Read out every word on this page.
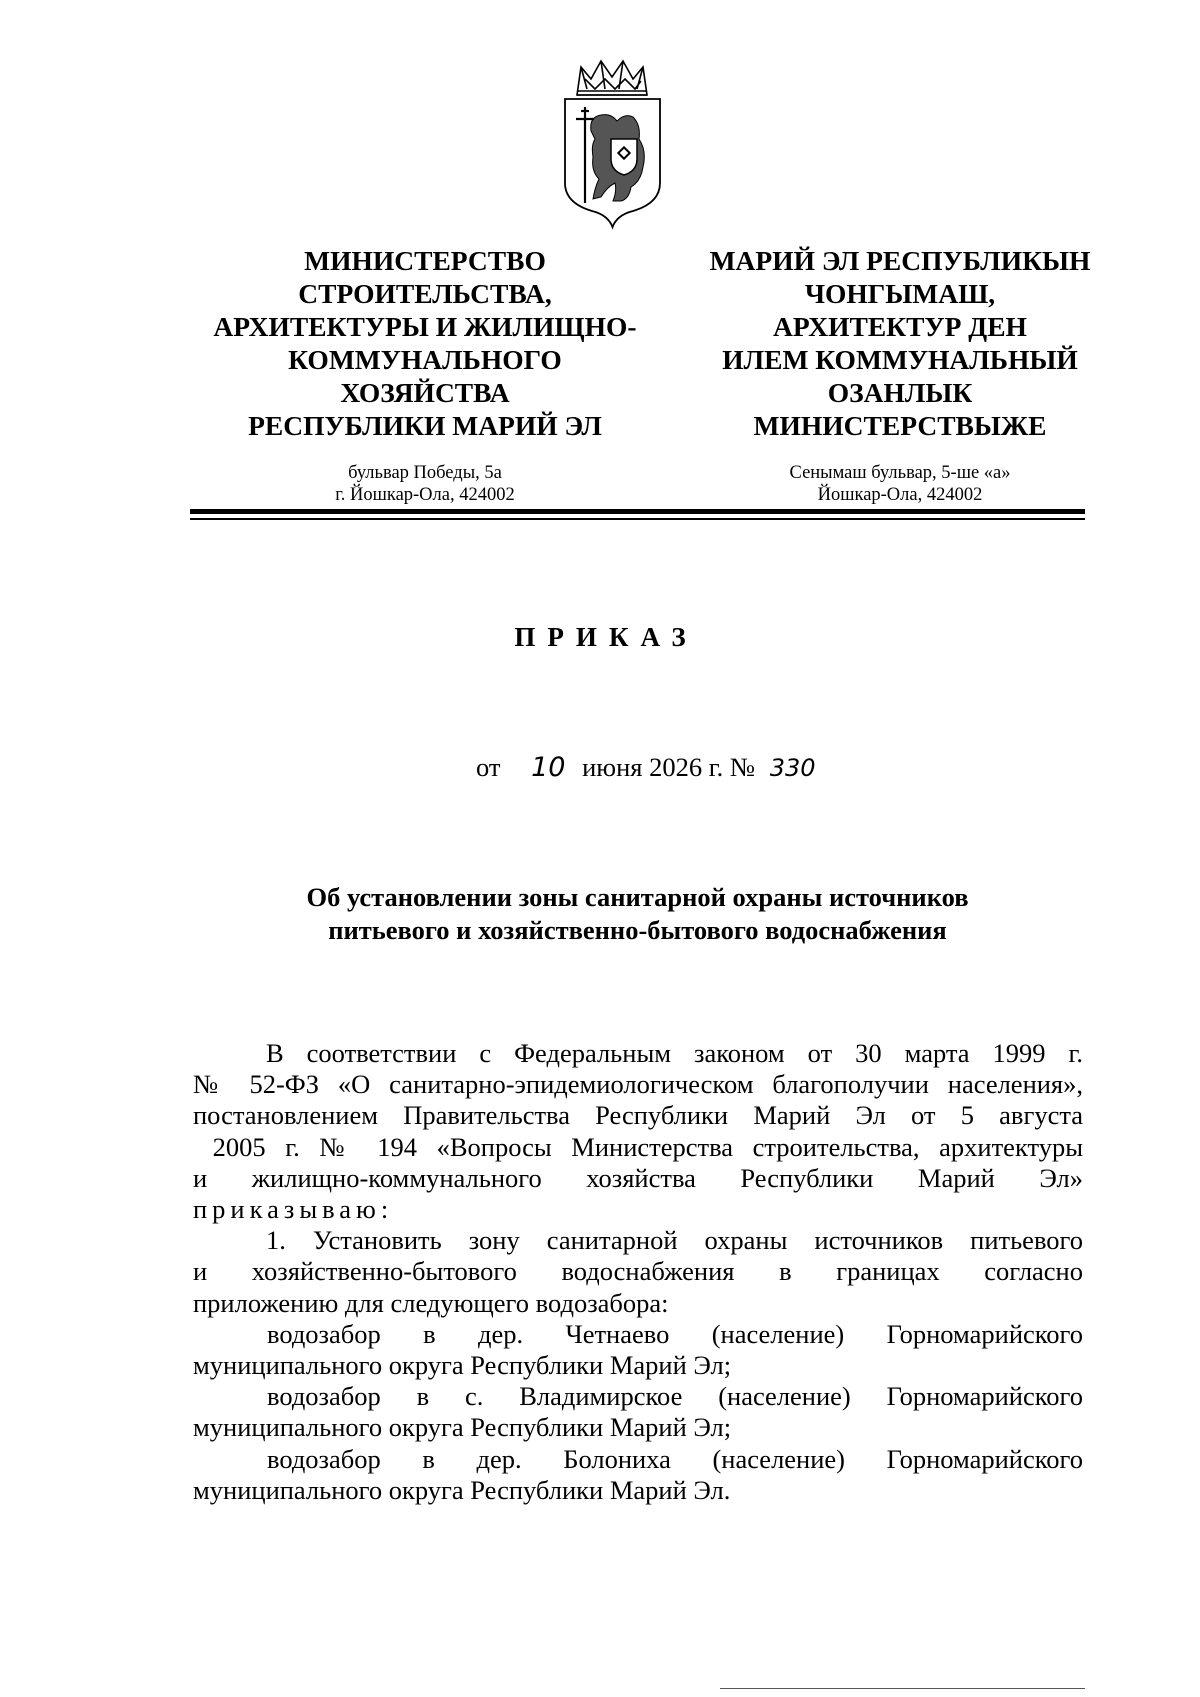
МИНИСТЕРСТВО
СТРОИТЕЛЬСТВА,
АРХИТЕКТУРЫ И ЖИЛИЩНО-
КОММУНАЛЬНОГО
ХОЗЯЙСТВА
РЕСПУБЛИКИ МАРИЙ ЭЛ

бульвар Победы, 5а
г. Йошкар-Ола, 424002

МАРИЙ ЭЛ РЕСПУБЛИКЫН
ЧОНГЫМАШ,
АРХИТЕКТУР ДЕН
ИЛЕМ КОММУНАЛЬНЫЙ
ОЗАНЛЫК
МИНИСТЕРСТВЫЖЕ

Сенымаш бульвар, 5-ше «а»
Йошкар-Ола, 424002
ПРИКАЗ
от 10 июня 2026 г. № 330
Об установлении зоны санитарной охраны источников
питьевого и хозяйственно-бытового водоснабжения

В соответствии с Федеральным законом от 30 марта 1999 г.

№ 52-ФЗ «О санитарно-эпидемиологическом благополучии населения»,

постановлением Правительства Республики Марий Эл от 5 августа

2005 г. № 194 «Вопросы Министерства строительства, архитектуры

и жилищно-коммунального хозяйства Республики Марий Эл»

приказываю:

1. Установить зону санитарной охраны источников питьевого

и хозяйственно-бытового водоснабжения в границах согласно

приложению для следующего водозабора:

водозабор в дер. Четнаево (население) Горномарийского

муниципального округа Республики Марий Эл;

водозабор в с. Владимирское (население) Горномарийского

муниципального округа Республики Марий Эл;

водозабор в дер. Болониха (население) Горномарийского

муниципального округа Республики Марий Эл.
